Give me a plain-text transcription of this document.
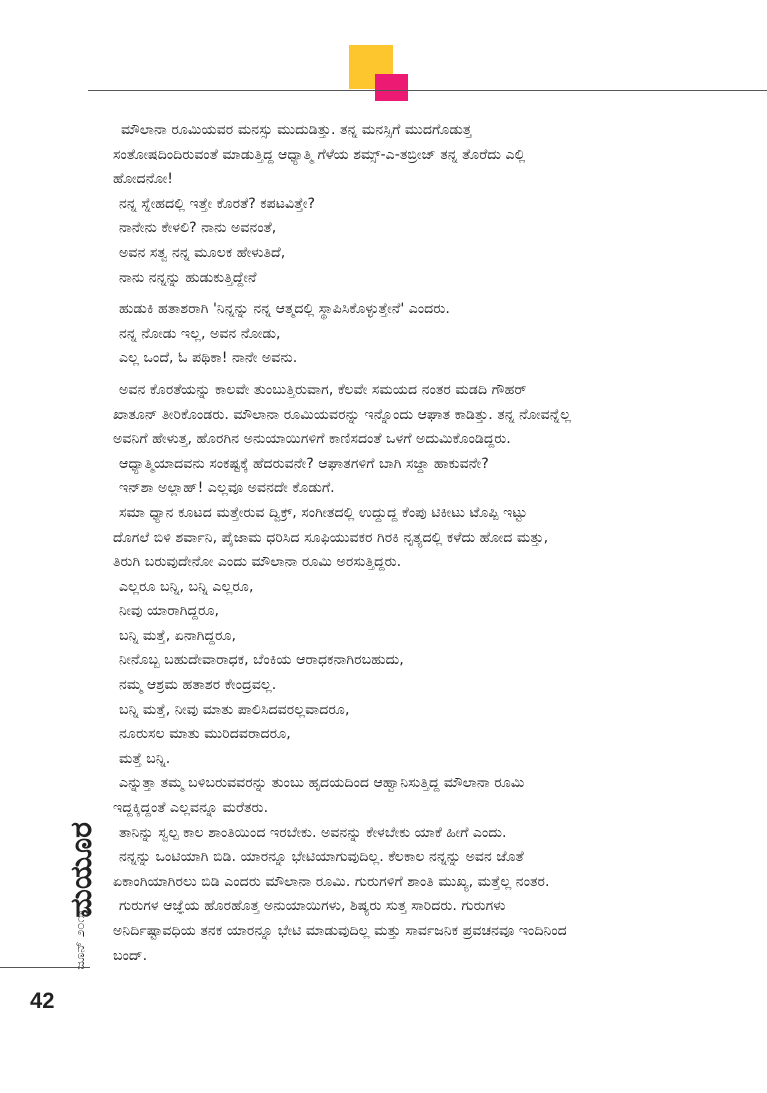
ಮೌಲಾನಾ ರೂಮಿಯವರ ಮನಸ್ಸು ಮುದುಡಿತ್ತು. ತನ್ನ ಮನಸ್ಸಿಗೆ ಮುದಗೊಡುತ್ತ
ಸಂತೋಷದಿಂದಿರುವಂತೆ ಮಾಡುತ್ತಿದ್ದ ಆಧ್ಯಾತ್ಮಿ ಗೆಳೆಯ ಶಮ್ಸ್-ಎ-ತಬ್ರೀಜ್ ತನ್ನ ತೊರೆದು ಎಲ್ಲಿ
ಹೋದನೋ!
ನನ್ನ ಸ್ನೇಹದಲ್ಲಿ ಇತ್ತೇ ಕೊರತೆ? ಕಪಟವಿತ್ತೇ?
ನಾನೇನು ಕೇಳಲಿ? ನಾನು ಅವನಂತೆ,
ಅವನ ಸತ್ವ ನನ್ನ ಮೂಲಕ ಹೇಳುತಿದೆ,
ನಾನು ನನ್ನನ್ನು ಹುಡುಕುತ್ತಿದ್ದೇನೆ
ಹುಡುಕಿ ಹತಾಶರಾಗಿ 'ನಿನ್ನನ್ನು ನನ್ನ ಆತ್ಮದಲ್ಲಿ ಸ್ಥಾಪಿಸಿಕೊಳ್ಳುತ್ತೇನೆ' ಎಂದರು.
ನನ್ನ ನೋಡು ಇಲ್ಲ, ಅವನ ನೋಡು,
ಎಲ್ಲ ಒಂದೆ, ಓ ಪಥಿಕಾ! ನಾನೇ ಅವನು.
ಅವನ ಕೊರತೆಯನ್ನು ಕಾಲವೇ ತುಂಬುತ್ತಿರುವಾಗ, ಕೆಲವೇ ಸಮಯದ ನಂತರ ಮಡದಿ ಗೌಹರ್
ಖಾತೂನ್ ತೀರಿಕೊಂಡರು. ಮೌಲಾನಾ ರೂಮಿಯವರನ್ನು ಇನ್ನೊಂದು ಆಘಾತ ಕಾಡಿತ್ತು. ತನ್ನ ನೋವನ್ನೆಲ್ಲ
ಅವನಿಗೆ ಹೇಳುತ್ತ, ಹೊರಗಿನ ಅನುಯಾಯಿಗಳಿಗೆ ಕಾಣಿಸದಂತೆ ಒಳಗೆ ಅದುಮಿಕೊಂಡಿದ್ದರು.
ಆಧ್ಯಾತ್ಮಿಯಾದವನು ಸಂಕಷ್ಟಕ್ಕೆ ಹೆದರುವನೇ? ಆಘಾತಗಳಿಗೆ ಬಾಗಿ ಸಜ್ದಾ ಹಾಕುವನೇ?
ಇನ್‌ಶಾ ಅಲ್ಲಾಹ್! ಎಲ್ಲವೂ ಅವನದೇ ಕೊಡುಗೆ.
ಸಮಾ ಧ್ಯಾನ ಕೂಟದ ಮತ್ತೇರುವ ದ್ವಿಕ್ರ್, ಸಂಗೀತದಲ್ಲಿ ಉದ್ದುದ್ದ ಕೆಂಪು ಟಿಕೀಟು ಟೊಪ್ಪಿ ಇಟ್ಟು
ದೊಗಲೆ ಬಿಳಿ ಶರ್ವಾನಿ, ಪೈಜಾಮ ಧರಿಸಿದ ಸೂಫಿಯುವಕರ ಗಿರಕಿ ನೃತ್ಯದಲ್ಲಿ ಕಳೆದು ಹೋದ ಮತ್ತು,
ತಿರುಗಿ ಬರುವುದೇನೋ ಎಂದು ಮೌಲಾನಾ ರೂಮಿ ಅರಸುತ್ತಿದ್ದರು.
ಎಲ್ಲರೂ ಬನ್ನಿ, ಬನ್ನಿ ಎಲ್ಲರೂ,
ನೀವು ಯಾರಾಗಿದ್ದರೂ,
ಬನ್ನಿ ಮತ್ತೆ, ಏನಾಗಿದ್ದರೂ,
ನೀನೊಬ್ಬ ಬಹುದೇವಾರಾಧಕ, ಬೆಂಕಿಯ ಆರಾಧಕನಾಗಿರಬಹುದು,
ನಮ್ಮ ಆಶ್ರಮ ಹತಾಶರ ಕೇಂದ್ರವಲ್ಲ.
ಬನ್ನಿ ಮತ್ತೆ, ನೀವು ಮಾತು ಪಾಲಿಸಿದವರಲ್ಲವಾದರೂ,
ನೂರುಸಲ ಮಾತು ಮುರಿದವರಾದರೂ,
ಮತ್ತೆ ಬನ್ನಿ.
ಎನ್ನುತ್ತಾ ತಮ್ಮ ಬಳಿಬರುವವರನ್ನು ತುಂಬು ಹೃದಯದಿಂದ ಆಹ್ವಾನಿಸುತ್ತಿದ್ದ ಮೌಲಾನಾ ರೂಮಿ
ಇದ್ದಕ್ಕಿದ್ದಂತೆ ಎಲ್ಲವನ್ನೂ ಮರೆತರು.
ತಾನಿನ್ನು ಸ್ವಲ್ಪ ಕಾಲ ಶಾಂತಿಯಿಂದ ಇರಬೇಕು. ಅವನನ್ನು ಕೇಳಬೇಕು ಯಾಕೆ ಹೀಗೆ ಎಂದು.
ನನ್ನನ್ನು ಒಂಟಿಯಾಗಿ ಬಿಡಿ. ಯಾರನ್ನೂ ಭೇಟಿಯಾಗುವುದಿಲ್ಲ. ಕೆಲಕಾಲ ನನ್ನನ್ನು ಅವನ ಜೊತೆ
ಏಕಾಂಗಿಯಾಗಿರಲು ಬಿಡಿ ಎಂದರು ಮೌಲಾನಾ ರೂಮಿ. ಗುರುಗಳಿಗೆ ಶಾಂತಿ ಮುಖ್ಯ, ಮತ್ತೆಲ್ಲ ನಂತರ.
ಗುರುಗಳ ಆಜ್ಞೆಯ ಹೊರಹೊತ್ತ ಅನುಯಾಯಿಗಳು, ಶಿಷ್ಯರು ಸುತ್ತ ಸಾರಿದರು. ಗುರುಗಳು
ಅನಿರ್ದಿಷ್ಟಾವಧಿಯ ತನಕ ಯಾರನ್ನೂ ಭೇಟಿ ಮಾಡುವುದಿಲ್ಲ ಮತ್ತು ಸಾರ್ವಜನಿಕ ಪ್ರವಚನವೂ ಇಂದಿನಿಂದ
ಬಂದ್.
ಮಯೂರ
ಜೂನ್ ೨೦೧೯
42
